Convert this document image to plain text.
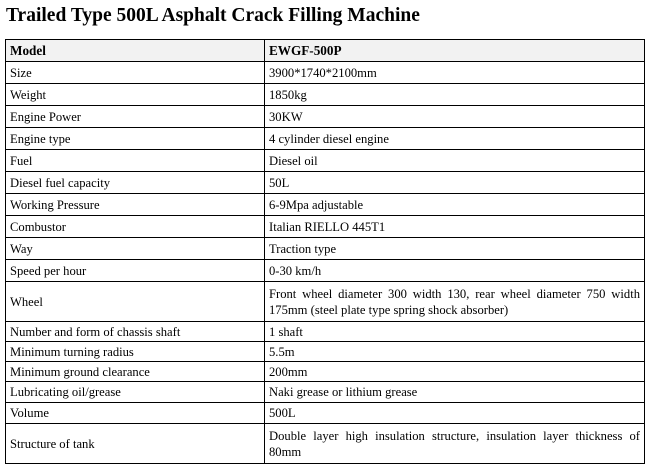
Trailed Type 500L Asphalt Crack Filling Machine
Model	EWGF-500P
Size	3900*1740*2100mm
Weight	1850kg
Engine Power	30KW
Engine type	4 cylinder diesel engine
Fuel	Diesel oil
Diesel fuel capacity	50L
Working Pressure	6-9Mpa adjustable
Combustor	Italian RIELLO 445T1
Way	Traction type
Speed per hour	0-30 km/h
Wheel	Front wheel diameter 300 width 130, rear wheel diameter 750 width 175mm (steel plate type spring shock absorber)
Number and form of chassis shaft	1 shaft
Minimum turning radius	5.5m
Minimum ground clearance	200mm
Lubricating oil/grease	Naki grease or lithium grease
Volume	500L
Structure of tank	Double layer high insulation structure, insulation layer thickness of 80mm
